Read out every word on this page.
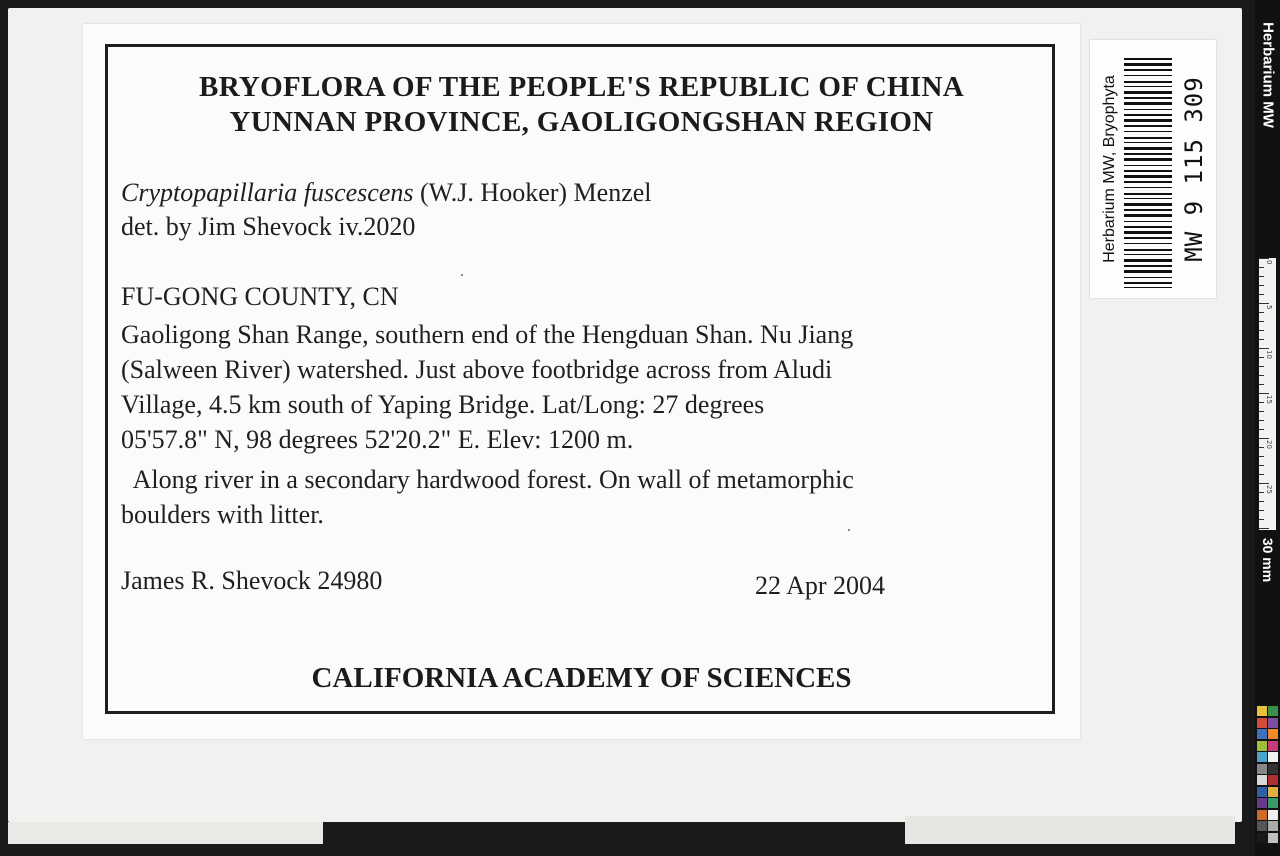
BRYOFLORA OF THE PEOPLE'S REPUBLIC OF CHINA
YUNNAN PROVINCE, GAOLIGONGSHAN REGION
Cryptopapillaria fuscescens (W.J. Hooker) Menzel
det. by Jim Shevock iv.2020
FU-GONG COUNTY, CN
Gaoligong Shan Range, southern end of the Hengduan Shan. Nu Jiang
(Salween River) watershed. Just above footbridge across from Aludi
Village, 4.5 km south of Yaping Bridge. Lat/Long: 27 degrees
05'57.8" N, 98 degrees 52'20.2" E. Elev: 1200 m.
Along river in a secondary hardwood forest. On wall of metamorphic
boulders with litter.
James R. Shevock 24980	22 Apr 2004
CALIFORNIA ACADEMY OF SCIENCES
Herbarium MW, Bryophyta	MW 9 115 309
Herbarium MW
0
5
10
15
20
25
30 mm
